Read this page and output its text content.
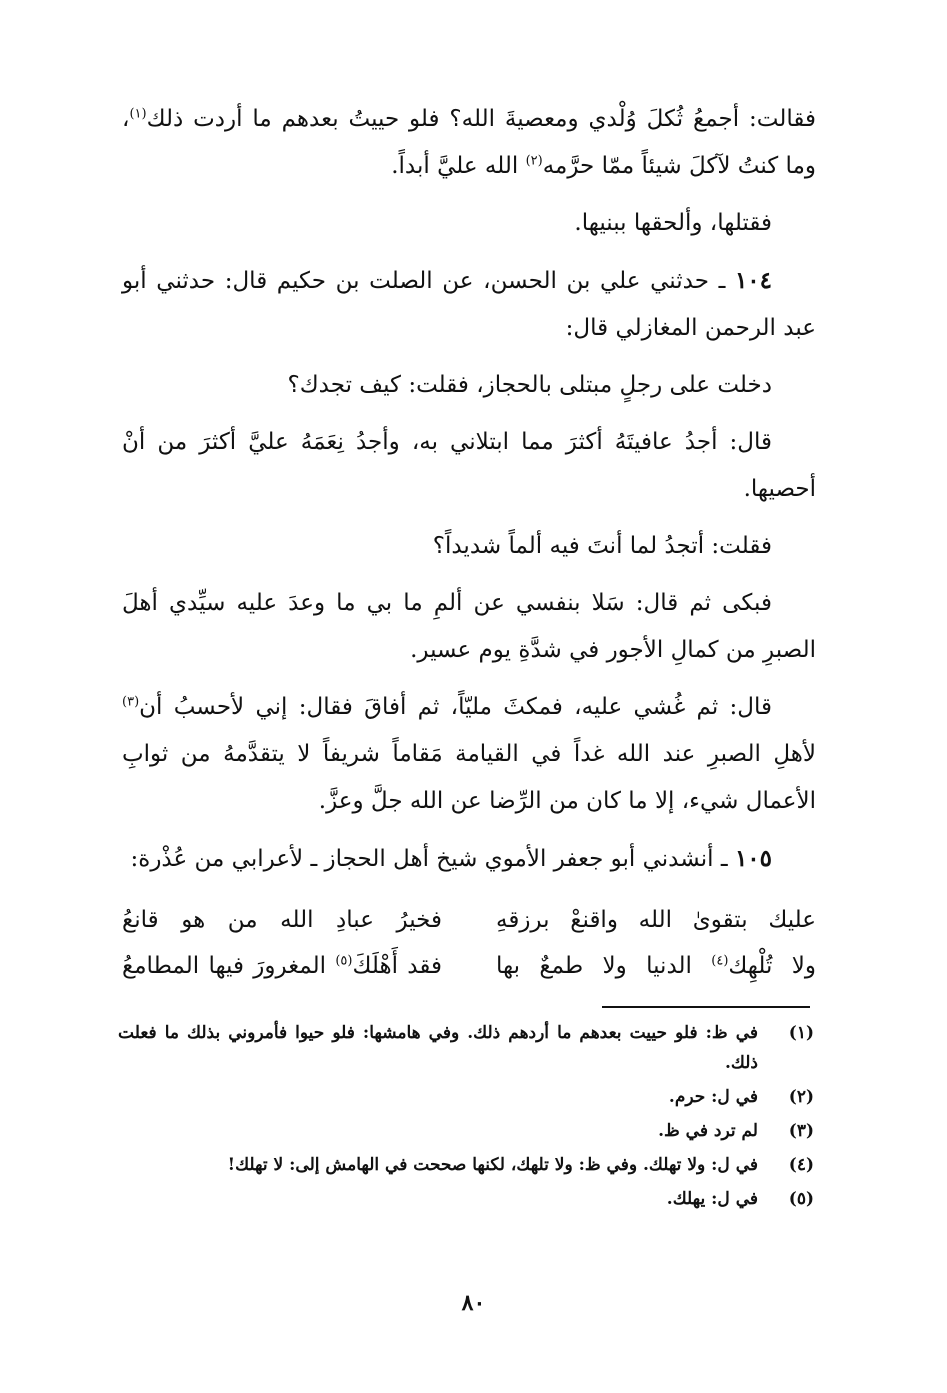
فقالت: أجمعُ ثُكلَ وُلْدي ومعصيةَ الله؟ فلو حييتُ بعدهم ما أردت ذلك$^{(١)}$، وما كنتُ لآكلَ شيئاً ممّا حرَّمه$^{(٢)}$ الله عليَّ أبداً.

فقتلها، وألحقها ببنيها.

١٠٤ ـ حدثني علي بن الحسن، عن الصلت بن حكيم قال: حدثني أبو عبد الرحمن المغازلي قال:

دخلت على رجلٍ مبتلى بالحجاز، فقلت: كيف تجدك؟

قال: أجدُ عافيتَهُ أكثرَ مما ابتلاني به، وأجدُ نِعَمَهُ عليَّ أكثرَ من أنْ أحصيها.

فقلت: أتجدُ لما أنتَ فيه ألماً شديداً؟

فبكى ثم قال: سَلا بنفسي عن ألمِ ما بي ما وعدَ عليه سيِّدي أهلَ الصبرِ من كمالِ الأجور في شدَّةِ يوم عسير.

قال: ثم غُشي عليه، فمكثَ مليّاً، ثم أفاقَ فقال: إني لأحسبُ أن$^{(٣)}$ لأهلِ الصبرِ عند الله غداً في القيامة مَقاماً شريفاً لا يتقدَّمهُ من ثوابِ الأعمال شيء، إلا ما كان من الرِّضا عن الله جلَّ وعزَّ.

١٠٥ ـ أنشدني أبو جعفر الأموي شيخ أهل الحجاز ـ لأعرابي من عُذْرة:

عليك بتقوىٰ الله واقنعْ برزقهِ
فخيرُ عبادِ الله من هو قانعُ
ولا تُلْهِك$^{(٤)}$ الدنيا ولا طمعٌ بها
فقد أَهْلَكَ$^{(٥)}$ المغرورَ فيها المطامعُ
(١)
في ظ: فلو حييت بعدهم ما أردهم ذلك. وفي هامشها: فلو حيوا فأمروني بذلك ما فعلت ذلك.
(٢)
في ل: حرم.
(٣)
لم ترد في ظ.
(٤)
في ل: ولا تهلك. وفي ظ: ولا تلهك، لكنها صححت في الهامش إلى: لا تهلك!
(٥)
في ل: يهلك.
٨٠
